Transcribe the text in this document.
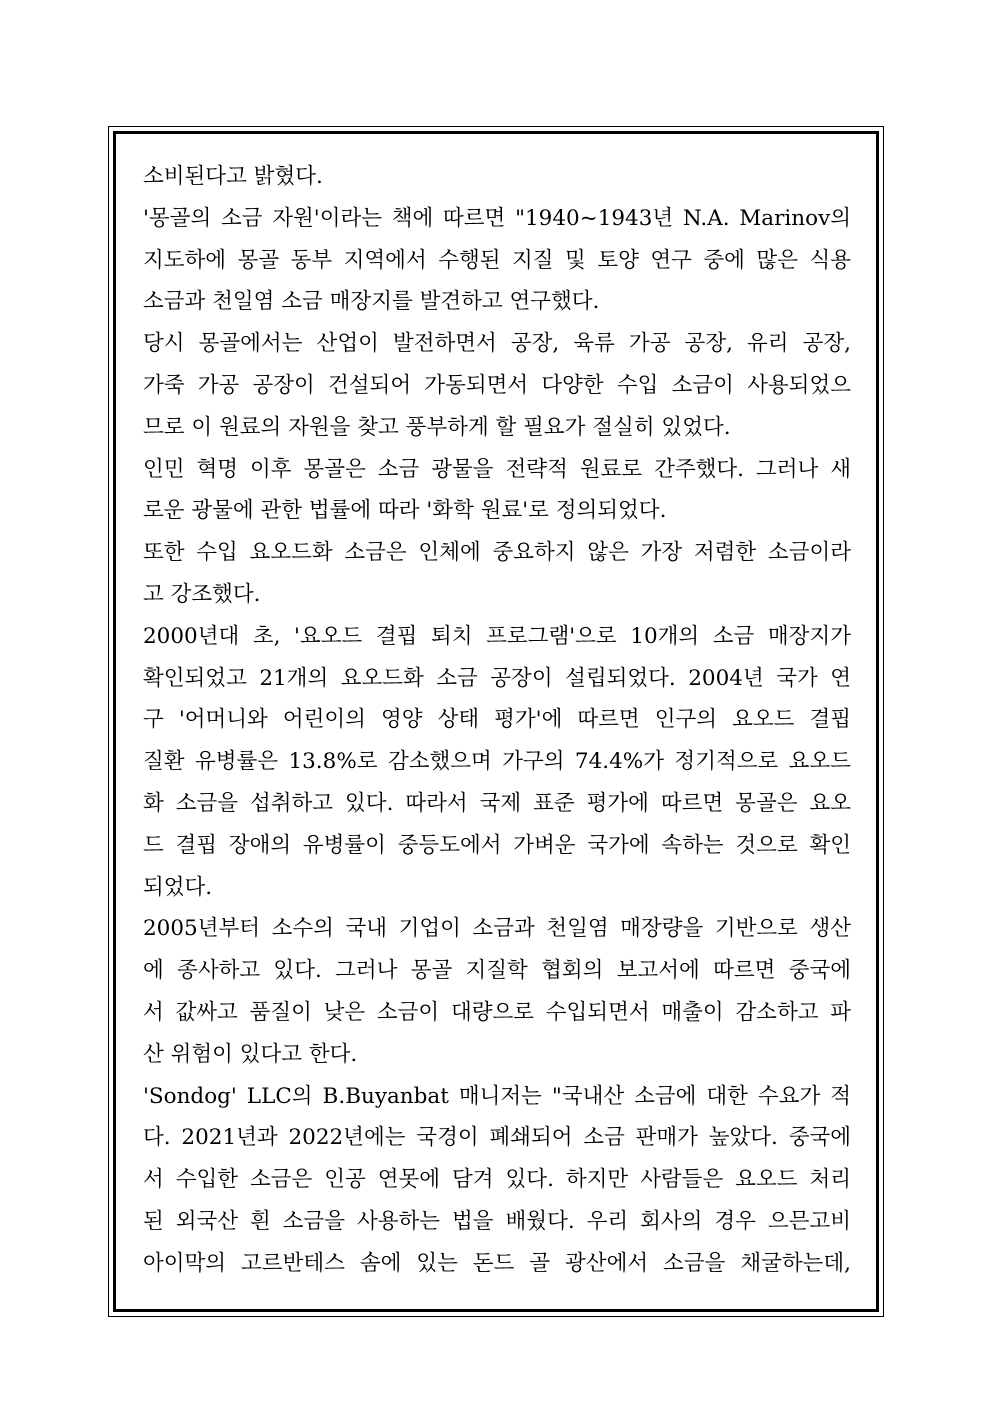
소비된다고 밝혔다.
'몽골의 소금 자원'이라는 책에 따르면 "1940~1943년 N.A. Marinov의
지도하에 몽골 동부 지역에서 수행된 지질 및 토양 연구 중에 많은 식용
소금과 천일염 소금 매장지를 발견하고 연구했다.
당시 몽골에서는 산업이 발전하면서 공장, 육류 가공 공장, 유리 공장,
가죽 가공 공장이 건설되어 가동되면서 다양한 수입 소금이 사용되었으
므로 이 원료의 자원을 찾고 풍부하게 할 필요가 절실히 있었다.
인민 혁명 이후 몽골은 소금 광물을 전략적 원료로 간주했다. 그러나 새
로운 광물에 관한 법률에 따라 '화학 원료'로 정의되었다.
또한 수입 요오드화 소금은 인체에 중요하지 않은 가장 저렴한 소금이라
고 강조했다.
2000년대 초, '요오드 결핍 퇴치 프로그램'으로 10개의 소금 매장지가
확인되었고 21개의 요오드화 소금 공장이 설립되었다. 2004년 국가 연
구 '어머니와 어린이의 영양 상태 평가'에 따르면 인구의 요오드 결핍
질환 유병률은 13.8%로 감소했으며 가구의 74.4%가 정기적으로 요오드
화 소금을 섭취하고 있다. 따라서 국제 표준 평가에 따르면 몽골은 요오
드 결핍 장애의 유병률이 중등도에서 가벼운 국가에 속하는 것으로 확인
되었다.
2005년부터 소수의 국내 기업이 소금과 천일염 매장량을 기반으로 생산
에 종사하고 있다. 그러나 몽골 지질학 협회의 보고서에 따르면 중국에
서 값싸고 품질이 낮은 소금이 대량으로 수입되면서 매출이 감소하고 파
산 위험이 있다고 한다.
'Sondog' LLC의 B.Buyanbat 매니저는 "국내산 소금에 대한 수요가 적
다. 2021년과 2022년에는 국경이 폐쇄되어 소금 판매가 높았다. 중국에
서 수입한 소금은 인공 연못에 담겨 있다. 하지만 사람들은 요오드 처리
된 외국산 흰 소금을 사용하는 법을 배웠다. 우리 회사의 경우 으믄고비
아이막의 고르반테스 솜에 있는 돈드 골 광산에서 소금을 채굴하는데,
